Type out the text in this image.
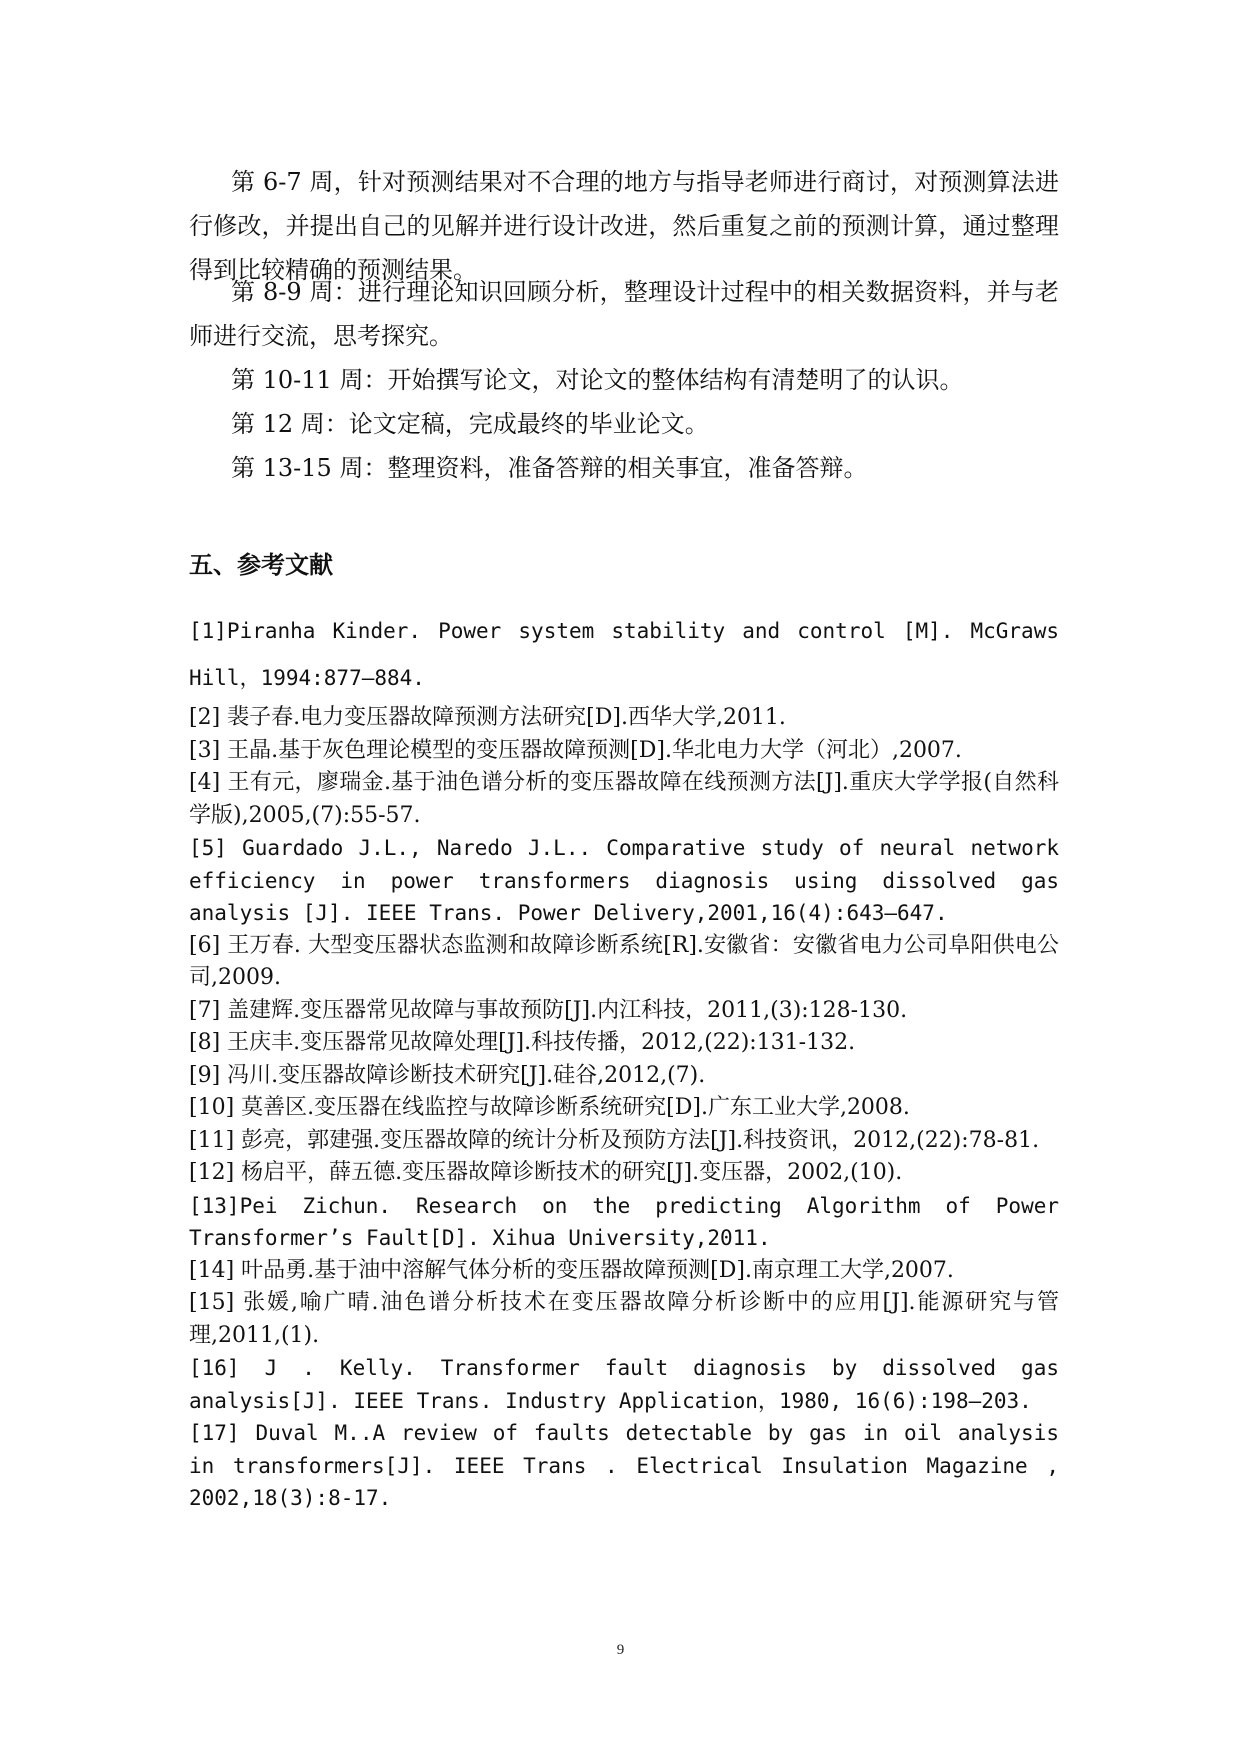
第 6-7 周，针对预测结果对不合理的地方与指导老师进行商讨，对预测算法进行修改，并提出自己的见解并进行设计改进，然后重复之前的预测计算，通过整理得到比较精确的预测结果。

第 8-9 周：进行理论知识回顾分析，整理设计过程中的相关数据资料，并与老师进行交流，思考探究。

第 10-11 周：开始撰写论文，对论文的整体结构有清楚明了的认识。

第 12 周：论文定稿，完成最终的毕业论文。

第 13-15 周：整理资料，准备答辩的相关事宜，准备答辩。

五、参考文献
[1]Piranha Kinder. Power system stability and control [M]. McGraws Hill，1994:877—884.
[2] 裴子春.电力变压器故障预测方法研究[D].西华大学,2011.
[3] 王晶.基于灰色理论模型的变压器故障预测[D].华北电力大学（河北）,2007.
[4] 王有元，廖瑞金.基于油色谱分析的变压器故障在线预测方法[J].重庆大学学报(自然科学版),2005,(7):55-57.
[5] Guardado J.L., Naredo J.L.. Comparative study of neural network efficiency in power transformers diagnosis using dissolved gas analysis [J]. IEEE Trans. Power Delivery,2001,16(4):643—647.
[6] 王万春. 大型变压器状态监测和故障诊断系统[R].安徽省：安徽省电力公司阜阳供电公司,2009.
[7] 盖建辉.变压器常见故障与事故预防[J].内江科技，2011,(3):128-130.
[8] 王庆丰.变压器常见故障处理[J].科技传播，2012,(22):131-132.
[9] 冯川.变压器故障诊断技术研究[J].硅谷,2012,(7).
[10] 莫善区.变压器在线监控与故障诊断系统研究[D].广东工业大学,2008.
[11] 彭亮，郭建强.变压器故障的统计分析及预防方法[J].科技资讯，2012,(22):78-81.
[12] 杨启平，薛五德.变压器故障诊断技术的研究[J].变压器，2002,(10).
[13]Pei Zichun. Research on the predicting Algorithm of Power Transformer’s Fault[D]. Xihua University,2011.
[14] 叶品勇.基于油中溶解气体分析的变压器故障预测[D].南京理工大学,2007.
[15] 张媛,喻广晴.油色谱分析技术在变压器故障分析诊断中的应用[J].能源研究与管理,2011,(1).
[16] J . Kelly. Transformer fault diagnosis by dissolved gas analysis[J]. IEEE Trans. Industry Application，1980, 16(6):198—203.
[17] Duval M..A review of faults detectable by gas in oil analysis in transformers[J]. IEEE Trans . Electrical Insulation Magazine , 2002,18(3):8-17.
9
